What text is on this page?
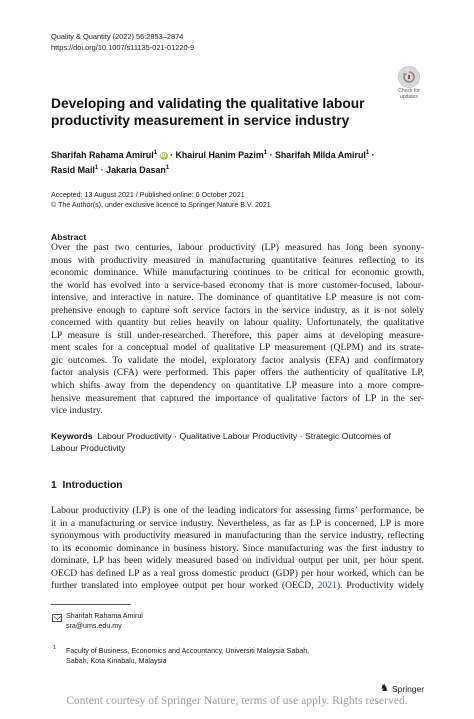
Quality & Quantity (2022) 56:2853–2874
https://doi.org/10.1007/s11135-021-01220-9
Check for
updates
Developing and validating the qualitative labour productivity measurement in service industry
Sharifah Rahama Amirul$^1$ iD · Khairul Hanim Pazim$^1$ · Sharifah Milda Amirul$^1$ ·
Rasid Mail$^1$ · Jakaria Dasan$^1$
Accepted: 13 August 2021 / Published online: 6 October 2021
© The Author(s), under exclusive licence to Springer Nature B.V. 2021
Abstract
Over the past two centuries, labour productivity (LP) measured has long been synony-
mous with productivity measured in manufacturing quantitative features reflecting to its
economic dominance. While manufacturing continues to be critical for economic growth,
the world has evolved into a service-based economy that is more customer-focused, labour-
intensive, and interactive in nature. The dominance of quantitative LP measure is not com-
prehensive enough to capture soft service factors in the service industry, as it is not solely
concerned with quantity but relies heavily on labour quality. Unfortunately, the qualitative
LP measure is still under-researched. Therefore, this paper aims at developing measure-
ment scales for a conceptual model of qualitative LP measurement (QLPM) and its strate-
gic outcomes. To validate the model, exploratory factor analysis (EFA) and confirmatory
factor analysis (CFA) were performed. This paper offers the authenticity of qualitative LP,
which shifts away from the dependency on quantitative LP measure into a more compre-
hensive measurement that captured the importance of qualitative factors of LP in the ser-
vice industry.
Keywords Labour Productivity · Qualitative Labour Productivity · Strategic Outcomes of
Labour Productivity
1 Introduction
Labour productivity (LP) is one of the leading indicators for assessing firms’ performance, be
it in a manufacturing or service industry. Nevertheless, as far as LP is concerned, LP is more
synonymous with productivity measured in manufacturing than the service industry, reflecting
to its economic dominance in business history. Since manufacturing was the first industry to
dominate, LP has been widely measured based on individual output per unit, per hour spent.
OECD has defined LP as a real gross domestic product (GDP) per hour worked, which can be
further translated into employee output per hour worked (OECD, 2021). Productivity widely
Sharifah Rahama Amirul
sra@ums.edu.my
1 Faculty of Business, Economics and Accountancy, Universiti Malaysia Sabah,
Sabah, Kota Kinabalu, Malaysia
♞ Springer
Content courtesy of Springer Nature, terms of use apply. Rights reserved.
